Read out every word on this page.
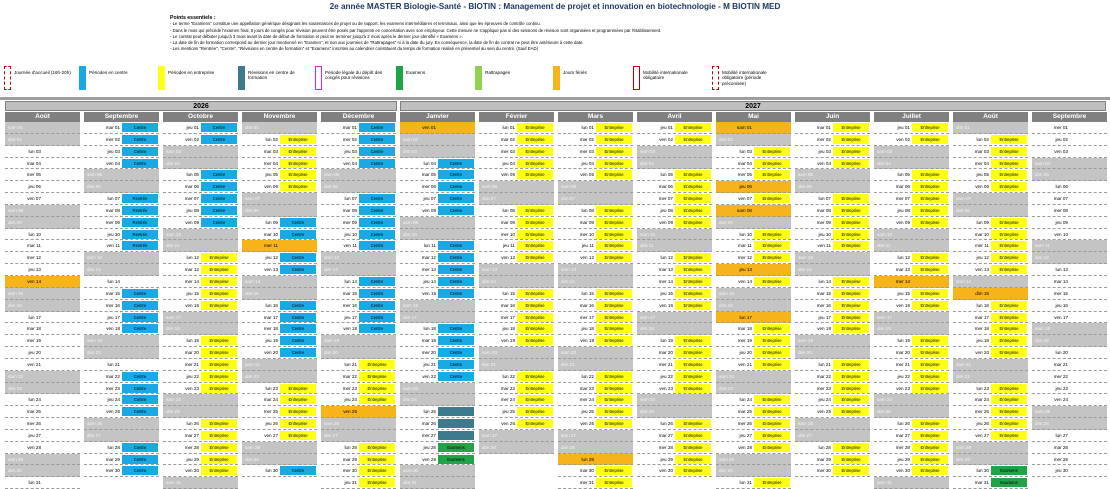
2e année MASTER Biologie-Santé - BIOTIN : Management de projet et innovation en biotechnologie - M BIOTIN MED
Points essentiels :
- Le terme "Examens" constitue une appellation générique désignant les soutenances de projet ou de rapport, les examens intermédiaires et terminaux, ainsi que les épreuves de contrôle continu.
- Dans le mois qui précède l'examen final, 5 jours de congés pour révision peuvent être posés par l'apprenti en concertation avec son employeur. Cette mesure ne s'applique pas si des sessions de révision sont organisées et programmées par l'établissement.
- Le contrat peut débuter jusqu'à 3 mois avant la date de début de formation et peut se terminer jusqu'à 2 mois après le dernier jour identifié « Examens ».
- La date de fin de formation correspond au dernier jour mentionné en "Examen", et non aux journées de "Rattrapages" ni à la date du jury. En conséquence, la date de fin de contrat ne peut être antérieure à cette date.
- Les mentions "Rentrée", "Centre", "Révisions en centre de formation" et "Examens" inscrites au calendrier constituent du temps de formation réalisé en présentiel au sein du centre. (Sauf EAD)
Journée d'accueil (16h-20h)	Périodes en centre	Périodes en entreprise	Révisions en centre de formation
Période légale du dépôt des congés pour révisions
Examens	Rattrapages	Jours fériés	Mobilité internationale obligatoire
Mobilité internationale obligatoire (période préconisée)
2026	2027
Août
sam 01
dim 02
lun 03
mar 04
mer 05
jeu 06
ven 07
sam 08
dim 09
lun 10
mar 11
mer 12
jeu 13
ven 14
sam 15
dim 16
lun 17
mar 18
mer 19
jeu 20
ven 21
sam 22
dim 23
lun 24
mar 25
mer 26
jeu 27
ven 28
sam 29
dim 30
lun 31
Septembre
mar 01	Centre
mer 02	Centre
jeu 03	Centre
ven 04	Centre
sam 05
dim 06
lun 07	Rentrée
mar 08	Rentrée
mer 09	Rentrée
jeu 10	Rentrée
ven 11	Rentrée
sam 12
dim 13
lun 14
mar 15	Centre
mer 16	Centre
jeu 17	Centre
ven 18	Centre
sam 19
dim 20
lun 21
mar 22	Centre
mer 23	Centre
jeu 24	Centre
ven 25	Centre
sam 26
dim 27
lun 28	Centre
mar 29	Centre
mer 30	Centre
Octobre
jeu 01	Centre
ven 02	Centre
sam 03
dim 04
lun 05	Centre
mar 06	Centre
mer 07	Centre
jeu 08	Centre
ven 09	Centre
sam 10
dim 11
lun 12	Entreprise
mar 13	Entreprise
mer 14	Entreprise
jeu 15	Entreprise
ven 16	Entreprise
sam 17
dim 18
lun 19	Entreprise
mar 20	Entreprise
mer 21	Entreprise
jeu 22	Entreprise
ven 23	Entreprise
sam 24
dim 25
lun 26	Entreprise
mar 27	Entreprise
mer 28	Entreprise
jeu 29	Entreprise
ven 30	Entreprise
sam 31
Novembre
dim 01
lun 02	Entreprise
mar 03	Entreprise
mer 04	Entreprise
jeu 05	Entreprise
ven 06	Entreprise
sam 07
dim 08
lun 09	Centre
mar 10	Centre
mer 11
jeu 12	Centre
ven 13	Centre
sam 14
dim 15
lun 16	Centre
mar 17	Centre
mer 18	Centre
jeu 19	Centre
ven 20	Centre
sam 21
dim 22
lun 23	Entreprise
mar 24	Entreprise
mer 25	Entreprise
jeu 26	Entreprise
ven 27	Entreprise
sam 28
dim 29
lun 30	Centre
Décembre
mar 01	Centre
mer 02	Centre
jeu 03	Centre
ven 04	Centre
sam 05
dim 06
lun 07	Centre
mar 08	Centre
mer 09	Centre
jeu 10	Centre
ven 11	Centre
sam 12
dim 13
lun 14	Centre
mar 15	Centre
mer 16	Centre
jeu 17	Centre
ven 18	Centre
sam 19
dim 20
lun 21	Entreprise
mar 22	Entreprise
mer 23	Entreprise
jeu 24	Entreprise
ven 25
sam 26
dim 27
lun 28	Entreprise
mar 29	Entreprise
mer 30	Entreprise
jeu 31	Entreprise
Janvier
ven 01
sam 02
dim 03
lun 04	Centre
mar 05	Centre
mer 06	Centre
jeu 07	Centre
ven 08	Centre
sam 09
dim 10
lun 11	Centre
mar 12	Centre
mer 13	Centre
jeu 14	Centre
ven 15	Centre
sam 16
dim 17
lun 18	Centre
mar 19	Centre
mer 20	Centre
jeu 21	Centre
ven 22	Centre
sam 23
dim 24
lun 25
mar 26
mer 27
jeu 28	Examens
ven 29	Examens
sam 30
dim 31
Février
lun 01	Entreprise
mar 02	Entreprise
mer 03	Entreprise
jeu 04	Entreprise
ven 05	Entreprise
sam 06
dim 07
lun 08	Entreprise
mar 09	Entreprise
mer 10	Entreprise
jeu 11	Entreprise
ven 12	Entreprise
sam 13
dim 14
lun 15	Entreprise
mar 16	Entreprise
mer 17	Entreprise
jeu 18	Entreprise
ven 19	Entreprise
sam 20
dim 21
lun 22	Entreprise
mar 23	Entreprise
mer 24	Entreprise
jeu 25	Entreprise
ven 26	Entreprise
sam 27
dim 28
Mars
lun 01	Entreprise
mar 02	Entreprise
mer 03	Entreprise
jeu 04	Entreprise
ven 05	Entreprise
sam 06
dim 07
lun 08	Entreprise
mar 09	Entreprise
mer 10	Entreprise
jeu 11	Entreprise
ven 12	Entreprise
sam 13
dim 14
lun 15	Entreprise
mar 16	Entreprise
mer 17	Entreprise
jeu 18	Entreprise
ven 19	Entreprise
sam 20
dim 21
lun 22	Entreprise
mar 23	Entreprise
mer 24	Entreprise
jeu 25	Entreprise
ven 26	Entreprise
sam 27
dim 28
lun 29
mar 30	Entreprise
mer 31	Entreprise
Avril
jeu 01	Entreprise
ven 02	Entreprise
sam 03
dim 04
lun 05	Entreprise
mar 06	Entreprise
mer 07	Entreprise
jeu 08	Entreprise
ven 09	Entreprise
sam 10
dim 11
lun 12	Entreprise
mar 13	Entreprise
mer 14	Entreprise
jeu 15	Entreprise
ven 16	Entreprise
sam 17
dim 18
lun 19	Entreprise
mar 20	Entreprise
mer 21	Entreprise
jeu 22	Entreprise
ven 23	Entreprise
sam 24
dim 25
lun 26	Entreprise
mar 27	Entreprise
mer 28	Entreprise
jeu 29	Entreprise
ven 30	Entreprise
Mai
sam 01
dim 02
lun 03	Entreprise
mar 04	Entreprise
mer 05	Entreprise
jeu 06
ven 07	Entreprise
sam 08
dim 09
lun 10	Entreprise
mar 11	Entreprise
mer 12	Entreprise
jeu 13
ven 14	Entreprise
sam 15
dim 16
lun 17
mar 18	Entreprise
mer 19	Entreprise
jeu 20	Entreprise
ven 21	Entreprise
sam 22
dim 23
lun 24	Entreprise
mar 25	Entreprise
mer 26	Entreprise
jeu 27	Entreprise
ven 28	Entreprise
sam 29
dim 30
lun 31	Entreprise
Juin
mar 01	Entreprise
mer 02	Entreprise
jeu 03	Entreprise
ven 04	Entreprise
sam 05
dim 06
lun 07	Entreprise
mar 08	Entreprise
mer 09	Entreprise
jeu 10	Entreprise
ven 11	Entreprise
sam 12
dim 13
lun 14	Entreprise
mar 15	Entreprise
mer 16	Entreprise
jeu 17	Entreprise
ven 18	Entreprise
sam 19
dim 20
lun 21	Entreprise
mar 22	Entreprise
mer 23	Entreprise
jeu 24	Entreprise
ven 25	Entreprise
sam 26
dim 27
lun 28	Entreprise
mar 29	Entreprise
mer 30	Entreprise
Juillet
jeu 01	Entreprise
ven 02	Entreprise
sam 03
dim 04
lun 05	Entreprise
mar 06	Entreprise
mer 07	Entreprise
jeu 08	Entreprise
ven 09	Entreprise
sam 10
dim 11
lun 12	Entreprise
mar 13	Entreprise
mer 14
jeu 15	Entreprise
ven 16	Entreprise
sam 17
dim 18
lun 19	Entreprise
mar 20	Entreprise
mer 21	Entreprise
jeu 22	Entreprise
ven 23	Entreprise
sam 24
dim 25
lun 26	Entreprise
mar 27	Entreprise
mer 28	Entreprise
jeu 29	Entreprise
ven 30	Entreprise
sam 31
Août
dim 01
lun 02	Entreprise
mar 03	Entreprise
mer 04	Entreprise
jeu 05	Entreprise
ven 06	Entreprise
sam 07
dim 08
lun 09	Entreprise
mar 10	Entreprise
mer 11	Entreprise
jeu 12	Entreprise
ven 13	Entreprise
sam 14
dim 15
lun 16	Entreprise
mar 17	Entreprise
mer 18	Entreprise
jeu 19	Entreprise
ven 20	Entreprise
sam 21
dim 22
lun 23	Entreprise
mar 24	Entreprise
mer 25	Entreprise
jeu 26	Entreprise
ven 27	Entreprise
sam 28
dim 29
lun 30	Examens
mar 31	Examens
Septembre
mer 01
jeu 02
ven 03
sam 04
dim 05
lun 06
mar 07
mer 08
jeu 09
ven 10
sam 11
dim 12
lun 13
mar 14
mer 15
jeu 16
ven 17
sam 18
dim 19
lun 20
mar 21
mer 22
jeu 23
ven 24
sam 25
dim 26
lun 27
mar 28
mer 29
jeu 30
